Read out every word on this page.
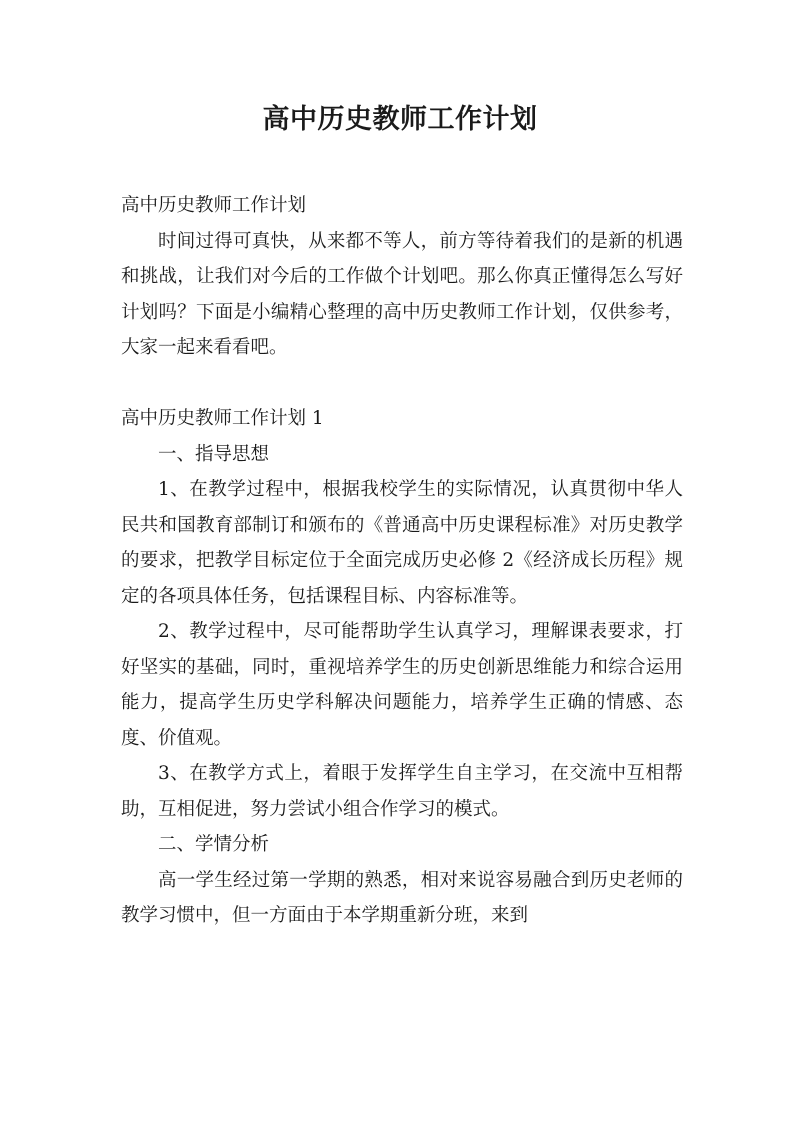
高中历史教师工作计划

高中历史教师工作计划

时间过得可真快，从来都不等人，前方等待着我们的是新的机遇和挑战，让我们对今后的工作做个计划吧。那么你真正懂得怎么写好计划吗？下面是小编精心整理的高中历史教师工作计划，仅供参考，大家一起来看看吧。

高中历史教师工作计划 1

一、指导思想

1、在教学过程中，根据我校学生的实际情况，认真贯彻中华人民共和国教育部制订和颁布的《普通高中历史课程标准》对历史教学的要求，把教学目标定位于全面完成历史必修 2《经济成长历程》规定的各项具体任务，包括课程目标、内容标准等。

2、教学过程中，尽可能帮助学生认真学习，理解课表要求，打好坚实的基础，同时，重视培养学生的历史创新思维能力和综合运用能力，提高学生历史学科解决问题能力，培养学生正确的情感、态度、价值观。

3、在教学方式上，着眼于发挥学生自主学习，在交流中互相帮助，互相促进，努力尝试小组合作学习的模式。

二、学情分析

高一学生经过第一学期的熟悉，相对来说容易融合到历史老师的教学习惯中，但一方面由于本学期重新分班，来到
